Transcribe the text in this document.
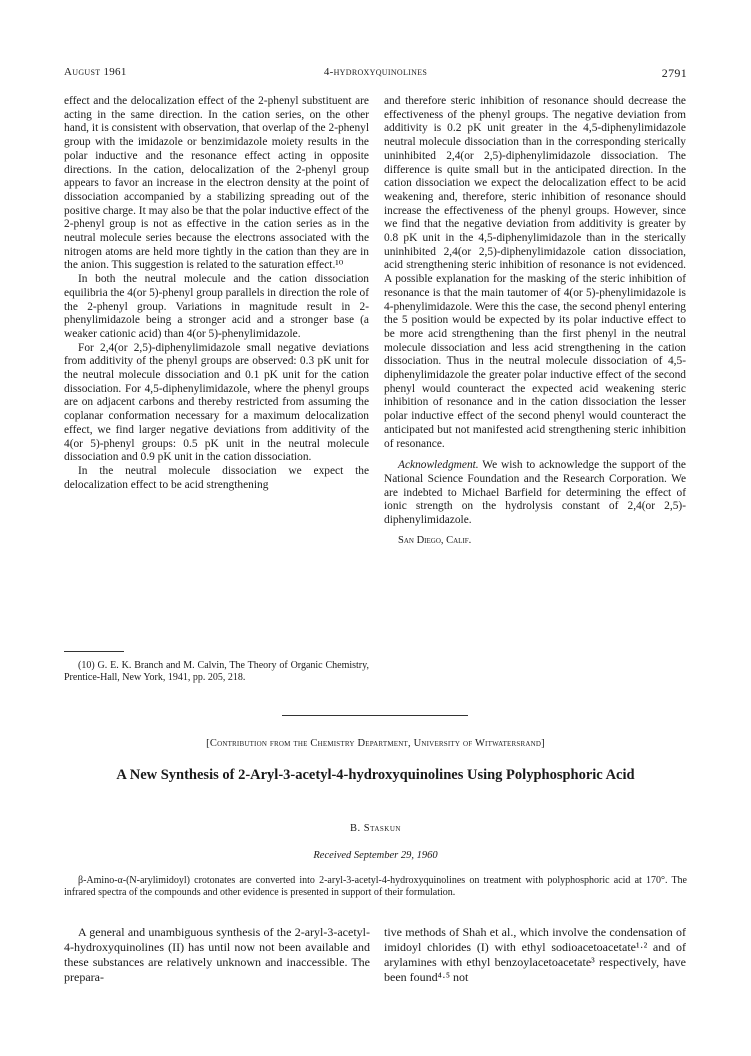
August 1961	4-hydroxyquinolines	2791

effect and the delocalization effect of the 2-phenyl substituent are acting in the same direction. In the cation series, on the other hand, it is consistent with observation, that overlap of the 2-phenyl group with the imidazole or benzimidazole moiety results in the polar inductive and the resonance effect acting in opposite directions. In the cation, delocalization of the 2-phenyl group appears to favor an increase in the electron density at the point of dissociation accompanied by a stabilizing spreading out of the positive charge. It may also be that the polar inductive effect of the 2-phenyl group is not as effective in the cation series as in the neutral molecule series because the electrons associated with the nitrogen atoms are held more tightly in the cation than they are in the anion. This suggestion is related to the saturation effect.¹⁰

In both the neutral molecule and the cation dissociation equilibria the 4(or 5)-phenyl group parallels in direction the role of the 2-phenyl group. Variations in magnitude result in 2-phenylimidazole being a stronger acid and a stronger base (a weaker cationic acid) than 4(or 5)-phenylimidazole.

For 2,4(or 2,5)-diphenylimidazole small negative deviations from additivity of the phenyl groups are observed: 0.3 pK unit for the neutral molecule dissociation and 0.1 pK unit for the cation dissociation. For 4,5-diphenylimidazole, where the phenyl groups are on adjacent carbons and thereby restricted from assuming the coplanar conformation necessary for a maximum delocalization effect, we find larger negative deviations from additivity of the 4(or 5)-phenyl groups: 0.5 pK unit in the neutral molecule dissociation and 0.9 pK unit in the cation dissociation.

In the neutral molecule dissociation we expect the delocalization effect to be acid strengthening

(10) G. E. K. Branch and M. Calvin, The Theory of Organic Chemistry, Prentice-Hall, New York, 1941, pp. 205, 218.

and therefore steric inhibition of resonance should decrease the effectiveness of the phenyl groups. The negative deviation from additivity is 0.2 pK unit greater in the 4,5-diphenylimidazole neutral molecule dissociation than in the corresponding sterically uninhibited 2,4(or 2,5)-diphenylimidazole dissociation. The difference is quite small but in the anticipated direction. In the cation dissociation we expect the delocalization effect to be acid weakening and, therefore, steric inhibition of resonance should increase the effectiveness of the phenyl groups. However, since we find that the negative deviation from additivity is greater by 0.8 pK unit in the 4,5-diphenylimidazole than in the sterically uninhibited 2,4(or 2,5)-diphenylimidazole cation dissociation, acid strengthening steric inhibition of resonance is not evidenced. A possible explanation for the masking of the steric inhibition of resonance is that the main tautomer of 4(or 5)-phenylimidazole is 4-phenylimidazole. Were this the case, the second phenyl entering the 5 position would be expected by its polar inductive effect to be more acid strengthening than the first phenyl in the neutral molecule dissociation and less acid strengthening in the cation dissociation. Thus in the neutral molecule dissociation of 4,5-diphenylimidazole the greater polar inductive effect of the second phenyl would counteract the expected acid weakening steric inhibition of resonance and in the cation dissociation the lesser polar inductive effect of the second phenyl would counteract the anticipated but not manifested acid strengthening steric inhibition of resonance.

Acknowledgment. We wish to acknowledge the support of the National Science Foundation and the Research Corporation. We are indebted to Michael Barfield for determining the effect of ionic strength on the hydrolysis constant of 2,4(or 2,5)-diphenylimidazole.

San Diego, Calif.

[Contribution from the Chemistry Department, University of Witwatersrand]
A New Synthesis of 2-Aryl-3-acetyl-4-hydroxyquinolines Using Polyphosphoric Acid
B. Staskun
Received September 29, 1960
β-Amino-α-(N-arylimidoyl) crotonates are converted into 2-aryl-3-acetyl-4-hydroxyquinolines on treatment with polyphosphoric acid at 170°. The infrared spectra of the compounds and other evidence is presented in support of their formulation.

A general and unambiguous synthesis of the 2-aryl-3-acetyl-4-hydroxyquinolines (II) has until now not been available and these substances are relatively unknown and inaccessible. The prepara-

tive methods of Shah et al., which involve the condensation of imidoyl chlorides (I) with ethyl sodioacetoacetate¹·² and of arylamines with ethyl benzoylacetoacetate³ respectively, have been found⁴·⁵ not
